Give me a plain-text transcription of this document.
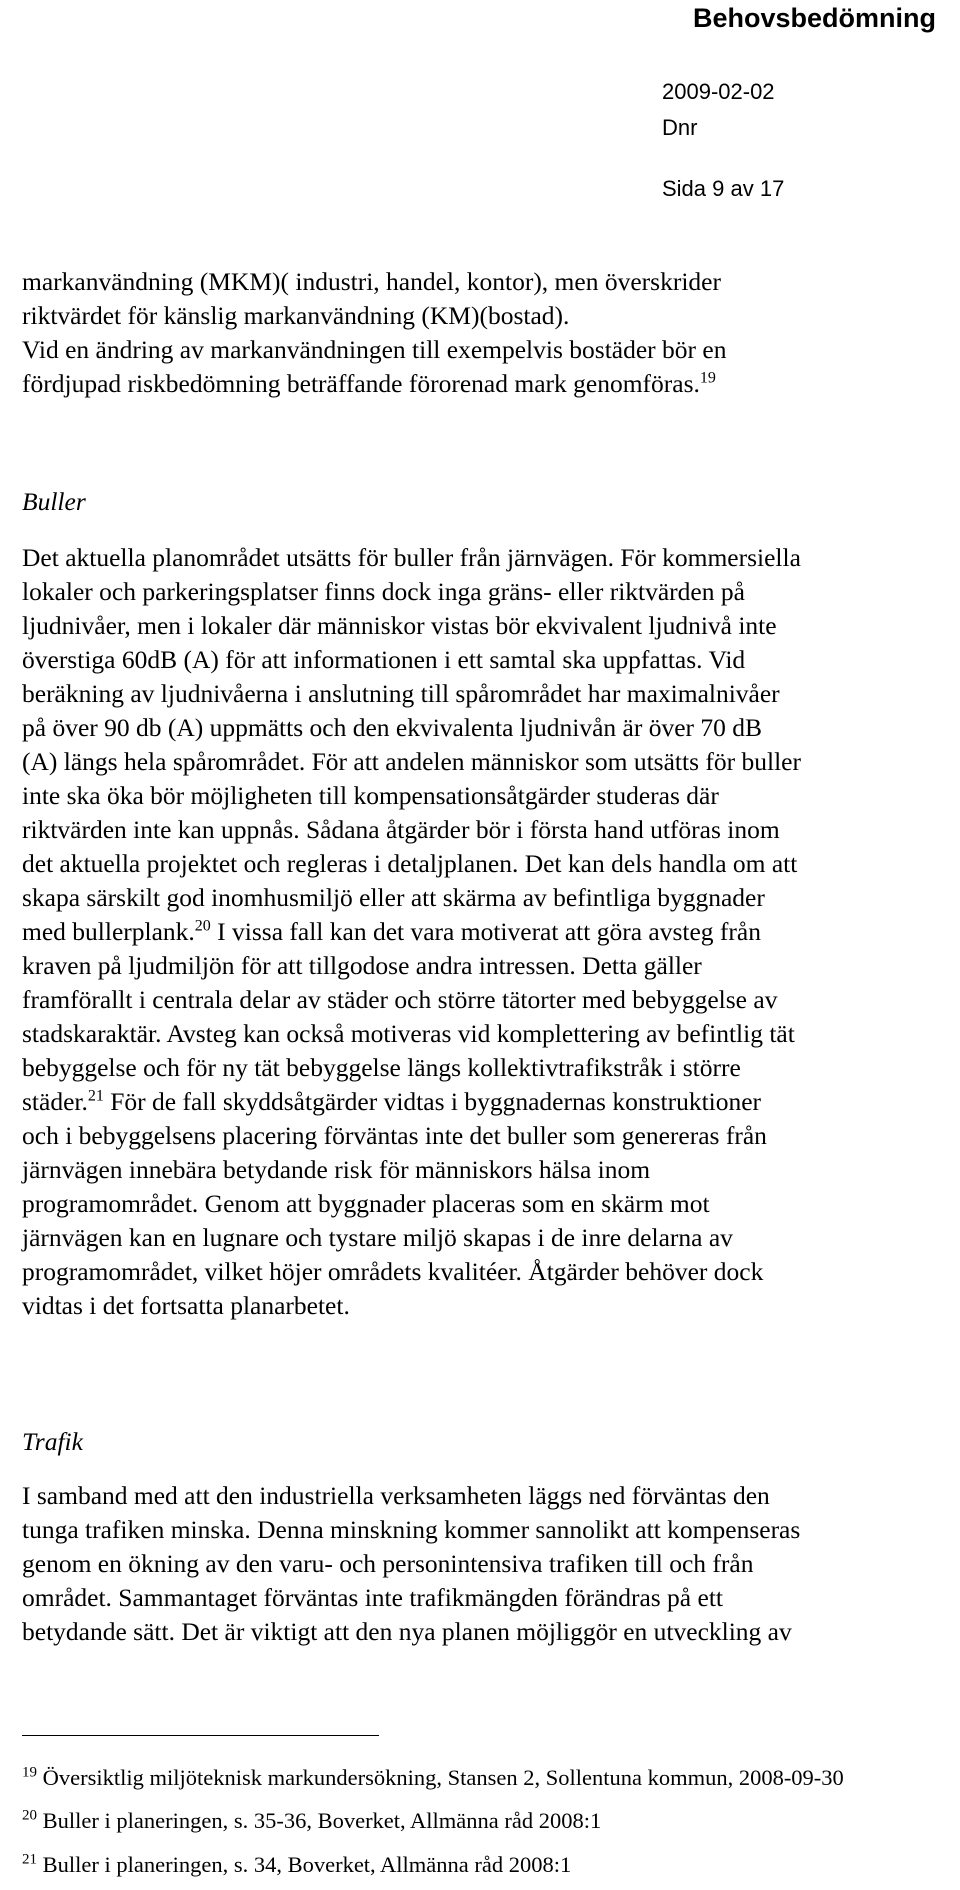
Behovsbedömning
2009-02-02
Dnr
Sida 9 av 17
markanvändning (MKM)( industri, handel, kontor), men överskrider
riktvärdet för känslig markanvändning (KM)(bostad).
Vid en ändring av markanvändningen till exempelvis bostäder bör en
fördjupad riskbedömning beträffande förorenad mark genomföras.$^{19}$
Buller
Det aktuella planområdet utsätts för buller från järnvägen. För kommersiella
lokaler och parkeringsplatser finns dock inga gräns- eller riktvärden på
ljudnivåer, men i lokaler där människor vistas bör ekvivalent ljudnivå inte
överstiga 60dB (A) för att informationen i ett samtal ska uppfattas. Vid
beräkning av ljudnivåerna i anslutning till spårområdet har maximalnivåer
på över 90 db (A) uppmätts och den ekvivalenta ljudnivån är över 70 dB
(A) längs hela spårområdet. För att andelen människor som utsätts för buller
inte ska öka bör möjligheten till kompensationsåtgärder studeras där
riktvärden inte kan uppnås. Sådana åtgärder bör i första hand utföras inom
det aktuella projektet och regleras i detaljplanen. Det kan dels handla om att
skapa särskilt god inomhusmiljö eller att skärma av befintliga byggnader
med bullerplank.$^{20}$ I vissa fall kan det vara motiverat att göra avsteg från
kraven på ljudmiljön för att tillgodose andra intressen. Detta gäller
framförallt i centrala delar av städer och större tätorter med bebyggelse av
stadskaraktär. Avsteg kan också motiveras vid komplettering av befintlig tät
bebyggelse och för ny tät bebyggelse längs kollektivtrafikstråk i större
städer.$^{21}$ För de fall skyddsåtgärder vidtas i byggnadernas konstruktioner
och i bebyggelsens placering förväntas inte det buller som genereras från
järnvägen innebära betydande risk för människors hälsa inom
programområdet. Genom att byggnader placeras som en skärm mot
järnvägen kan en lugnare och tystare miljö skapas i de inre delarna av
programområdet, vilket höjer områdets kvalitéer. Åtgärder behöver dock
vidtas i det fortsatta planarbetet.
Trafik
I samband med att den industriella verksamheten läggs ned förväntas den
tunga trafiken minska. Denna minskning kommer sannolikt att kompenseras
genom en ökning av den varu- och personintensiva trafiken till och från
området. Sammantaget förväntas inte trafikmängden förändras på ett
betydande sätt. Det är viktigt att den nya planen möjliggör en utveckling av
$^{19}$ Översiktlig miljöteknisk markundersökning, Stansen 2, Sollentuna kommun, 2008-09-30
$^{20}$ Buller i planeringen, s. 35-36, Boverket, Allmänna råd 2008:1
$^{21}$ Buller i planeringen, s. 34, Boverket, Allmänna råd 2008:1
